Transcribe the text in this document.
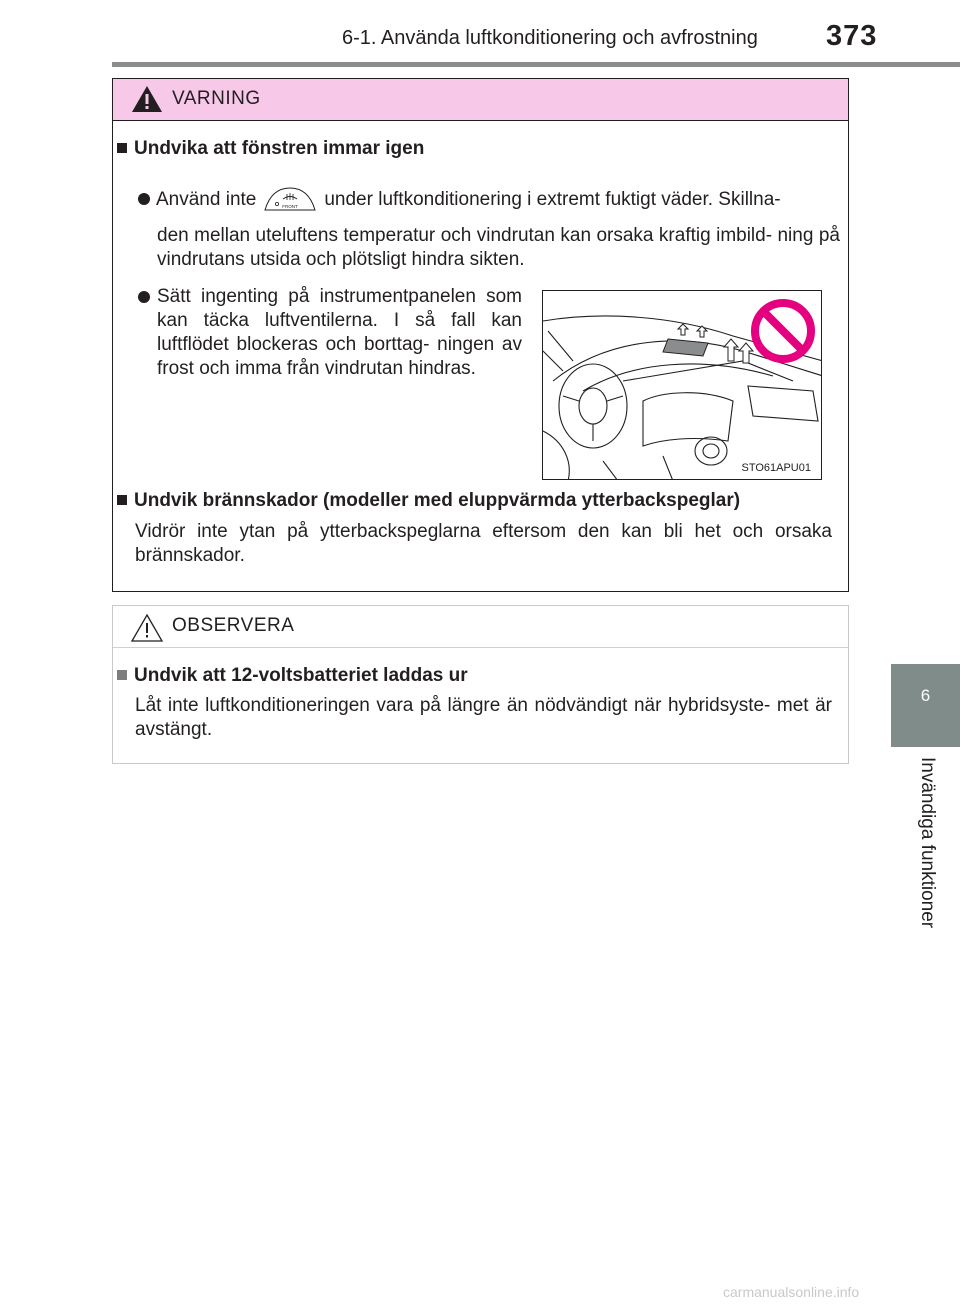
6-1. Använda luftkonditionering och avfrostning 373
6
Invändiga funktioner
VARNING
Undvika att fönstren immar igen
Använd inte	FRONT under luftkonditionering i extremt fuktigt väder. Skillna-
den mellan uteluftens temperatur och vindrutan kan orsaka kraftig imbild- ning på vindrutans utsida och plötsligt hindra sikten.
Sätt ingenting på instrumentpanelen som kan täcka luftventilerna. I så fall kan luftflödet blockeras och borttag- ningen av frost och imma från vindrutan hindras.
STO61APU01
Undvik brännskador (modeller med eluppvärmda ytterbackspeglar)
Vidrör inte ytan på ytterbackspeglarna eftersom den kan bli het och orsaka brännskador.
OBSERVERA
Undvik att 12-voltsbatteriet laddas ur
Låt inte luftkonditioneringen vara på längre än nödvändigt när hybridsyste- met är avstängt.
carmanualsonline.info
